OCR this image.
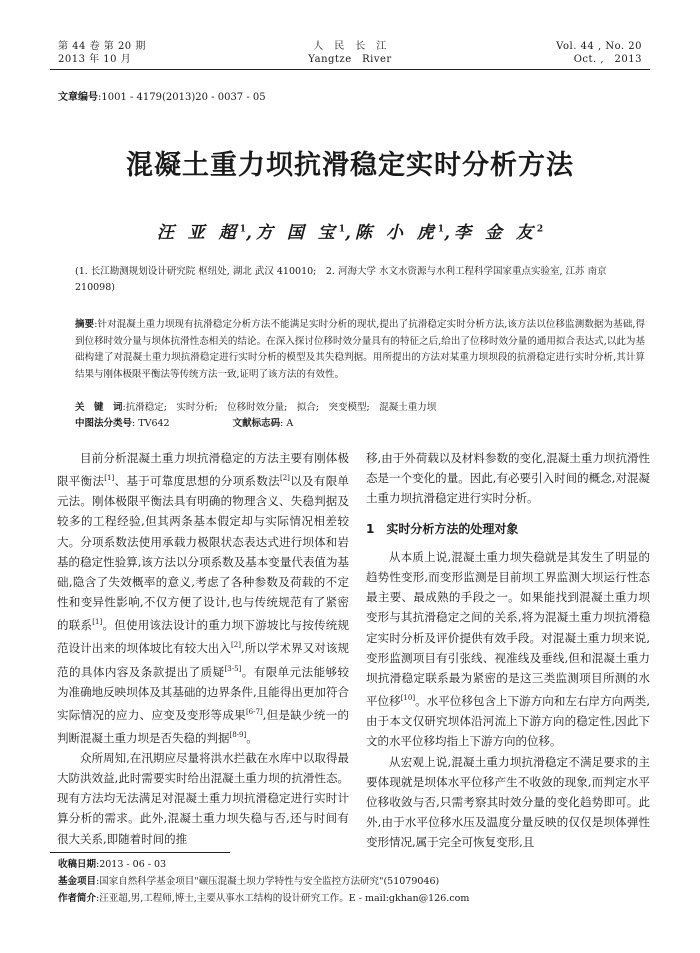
第 44 卷 第 20 期
2013 年 10 月
人　民　长　江
Yangtze　River
Vol. 44 , No. 20
Oct. ,　2013
文章编号:1001 - 4179(2013)20 - 0037 - 05
混凝土重力坝抗滑稳定实时分析方法
汪 亚 超$^1$,方 国 宝$^1$,陈 小 虎$^1$,李 金 友$^2$
(1. 长江勘测规划设计研究院 枢纽处, 湖北 武汉 410010;　2. 河海大学 水文水资源与水利工程科学国家重点实验室, 江苏 南京 210098)
摘要:针对混凝土重力坝现有抗滑稳定分析方法不能满足实时分析的现状,提出了抗滑稳定实时分析方法,该方法以位移监测数据为基础,得到位移时效分量与坝体抗滑性态相关的结论。在深入探讨位移时效分量具有的特征之后,给出了位移时效分量的通用拟合表达式,以此为基础构建了对混凝土重力坝抗滑稳定进行实时分析的模型及其失稳判据。用所提出的方法对某重力坝坝段的抗滑稳定进行实时分析,其计算结果与刚体极限平衡法等传统方法一致,证明了该方法的有效性。
关　键　词:抗滑稳定;　实时分析;　位移时效分量;　拟合;　突变模型;　混凝土重力坝
中图法分类号: TV642	文献标志码: A

目前分析混凝土重力坝抗滑稳定的方法主要有刚体极限平衡法[1]、基于可靠度思想的分项系数法[2]以及有限单元法。刚体极限平衡法具有明确的物理含义、失稳判据及较多的工程经验,但其两条基本假定却与实际情况相差较大。分项系数法使用承载力极限状态表达式进行坝体和岩基的稳定性验算,该方法以分项系数及基本变量代表值为基础,隐含了失效概率的意义,考虑了各种参数及荷载的不定性和变异性影响,不仅方便了设计,也与传统规范有了紧密的联系[1]。但使用该法设计的重力坝下游坡比与按传统规范设计出来的坝体坡比有较大出入[2],所以学术界又对该规范的具体内容及条款提出了质疑[3-5]。有限单元法能够较为准确地反映坝体及其基础的边界条件,且能得出更加符合实际情况的应力、应变及变形等成果[6-7],但是缺少统一的判断混凝土重力坝是否失稳的判据[8-9]。

众所周知,在汛期应尽量将洪水拦截在水库中以取得最大防洪效益,此时需要实时给出混凝土重力坝的抗滑性态。现有方法均无法满足对混凝土重力坝抗滑稳定进行实时计算分析的需求。此外,混凝土重力坝失稳与否,还与时间有很大关系,即随着时间的推

移,由于外荷载以及材料参数的变化,混凝土重力坝抗滑性态是一个变化的量。因此,有必要引入时间的概念,对混凝土重力坝抗滑稳定进行实时分析。

1　实时分析方法的处理对象

从本质上说,混凝土重力坝失稳就是其发生了明显的趋势性变形,而变形监测是目前坝工界监测大坝运行性态最主要、最成熟的手段之一。如果能找到混凝土重力坝变形与其抗滑稳定之间的关系,将为混凝土重力坝抗滑稳定实时分析及评价提供有效手段。对混凝土重力坝来说,变形监测项目有引张线、视准线及垂线,但和混凝土重力坝抗滑稳定联系最为紧密的是这三类监测项目所测的水平位移[10]。水平位移包含上下游方向和左右岸方向两类,由于本文仅研究坝体沿河流上下游方向的稳定性,因此下文的水平位移均指上下游方向的位移。

从宏观上说,混凝土重力坝抗滑稳定不满足要求的主要体现就是坝体水平位移产生不收敛的现象,而判定水平位移收敛与否,只需考察其时效分量的变化趋势即可。此外,由于水平位移水压及温度分量反映的仅仅是坝体弹性变形情况,属于完全可恢复变形,且

收稿日期:2013 - 06 - 03
基金项目:国家自然科学基金项目"碾压混凝土坝力学特性与安全监控方法研究"(51079046)
作者简介:汪亚超,男,工程师,博士,主要从事水工结构的设计研究工作。E - mail:gkhan@126.com
